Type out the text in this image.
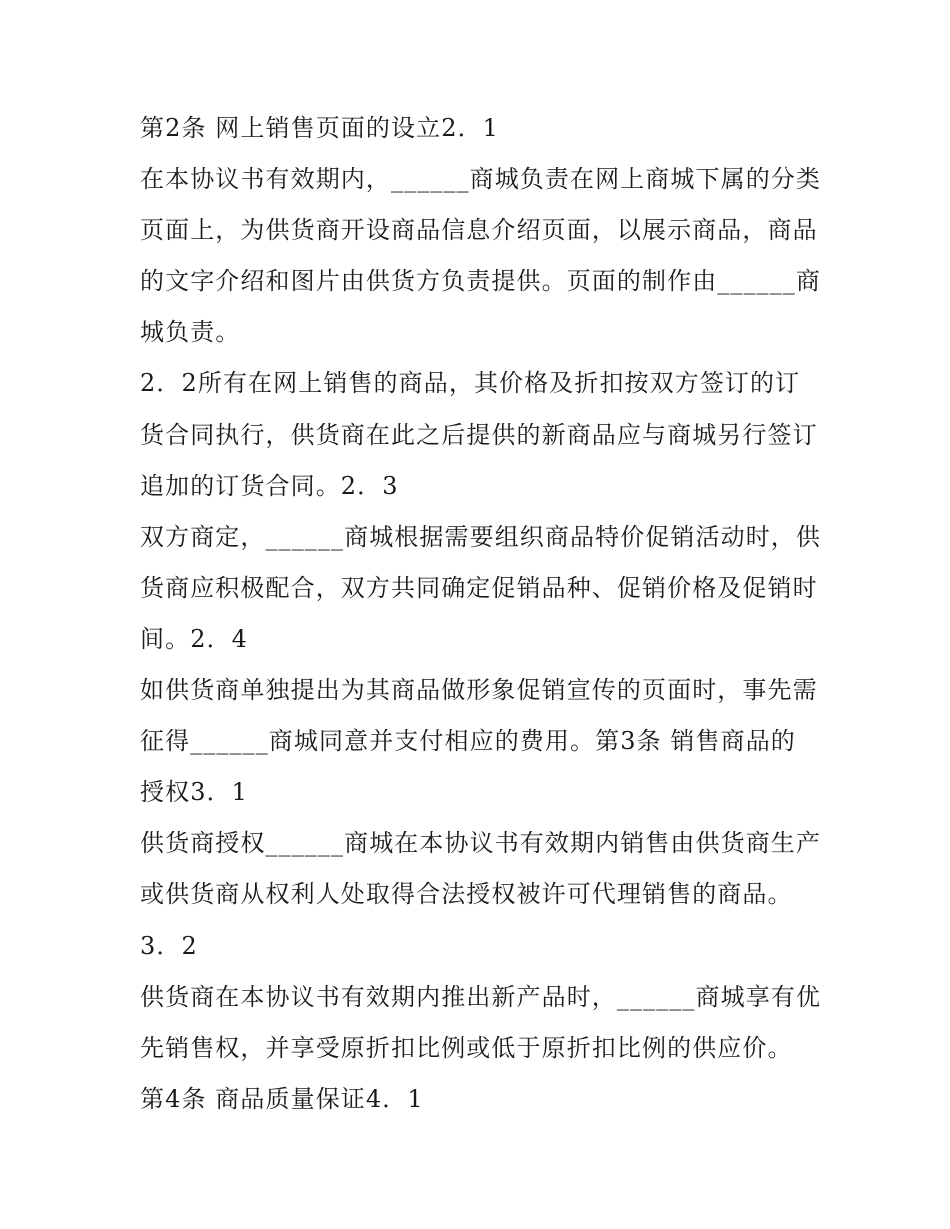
第2条 网上销售页面的设立2．1
在本协议书有效期内，______商城负责在网上商城下属的分类
页面上，为供货商开设商品信息介绍页面，以展示商品，商品
的文字介绍和图片由供货方负责提供。页面的制作由______商
城负责。
2．2所有在网上销售的商品，其价格及折扣按双方签订的订
货合同执行，供货商在此之后提供的新商品应与商城另行签订
追加的订货合同。2．3
双方商定，______商城根据需要组织商品特价促销活动时，供
货商应积极配合，双方共同确定促销品种、促销价格及促销时
间。2．4
如供货商单独提出为其商品做形象促销宣传的页面时，事先需
征得______商城同意并支付相应的费用。第3条 销售商品的
授权3．1
供货商授权______商城在本协议书有效期内销售由供货商生产
或供货商从权利人处取得合法授权被许可代理销售的商品。
3．2
供货商在本协议书有效期内推出新产品时，______商城享有优
先销售权，并享受原折扣比例或低于原折扣比例的供应价。
第4条 商品质量保证4．1
